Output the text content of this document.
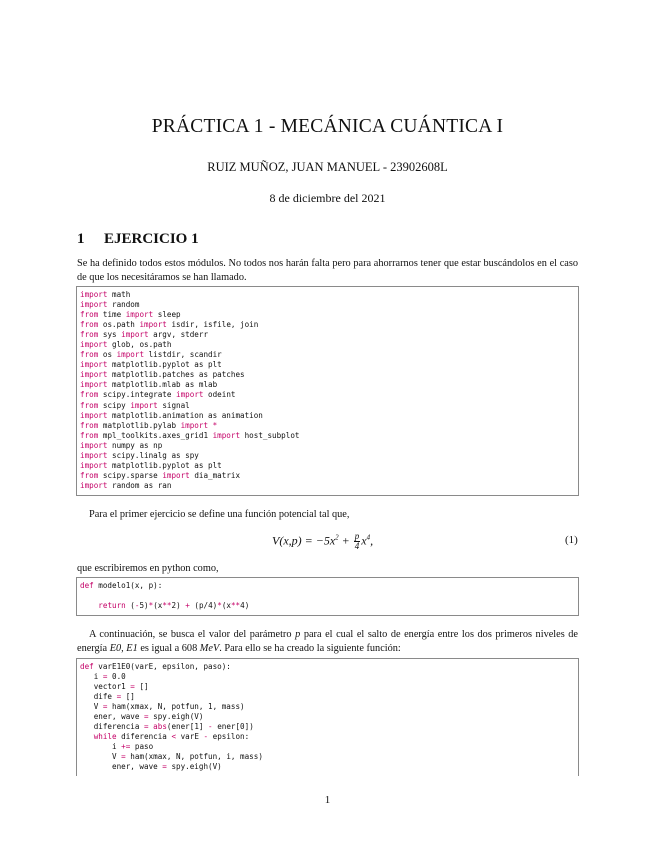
PRÁCTICA 1 - MECÁNICA CUÁNTICA I
RUIZ MUÑOZ, JUAN MANUEL - 23902608L
8 de diciembre del 2021
1 EJERCICIO 1
Se ha definido todos estos módulos. No todos nos harán falta pero para ahorrarnos tener que estar buscándolos en el caso de que los necesitáramos se han llamado.
import math
import random
from time import sleep
from os.path import isdir, isfile, join
from sys import argv, stderr
import glob, os.path
from os import listdir, scandir
import matplotlib.pyplot as plt
import matplotlib.patches as patches
import matplotlib.mlab as mlab
from scipy.integrate import odeint
from scipy import signal
import matplotlib.animation as animation
from matplotlib.pylab import *
from mpl_toolkits.axes_grid1 import host_subplot
import numpy as np
import scipy.linalg as spy
import matplotlib.pyplot as plt
from scipy.sparse import dia_matrix
import random as ran
Para el primer ejercicio se define una función potencial tal que,
$V(x,p) = -5x^2 + \frac{p}{4} x^4$,	(1)
que escribiremos en python como,
def modelo1(x, p):
return (-5)*(x**2) + (p/4)*(x**4)
A continuación, se busca el valor del parámetro p para el cual el salto de energía entre los dos primeros niveles de energía E0, E1 es igual a 608 MeV. Para ello se ha creado la siguiente función:
def varE1E0(varE, epsilon, paso):
i = 0.0
vector1 = []
dife = []
V = ham(xmax, N, potfun, 1, mass)
ener, wave = spy.eigh(V)
diferencia = abs(ener[1] - ener[0])
while diferencia < varE - epsilon:
i += paso
V = ham(xmax, N, potfun, i, mass)
ener, wave = spy.eigh(V)
1
